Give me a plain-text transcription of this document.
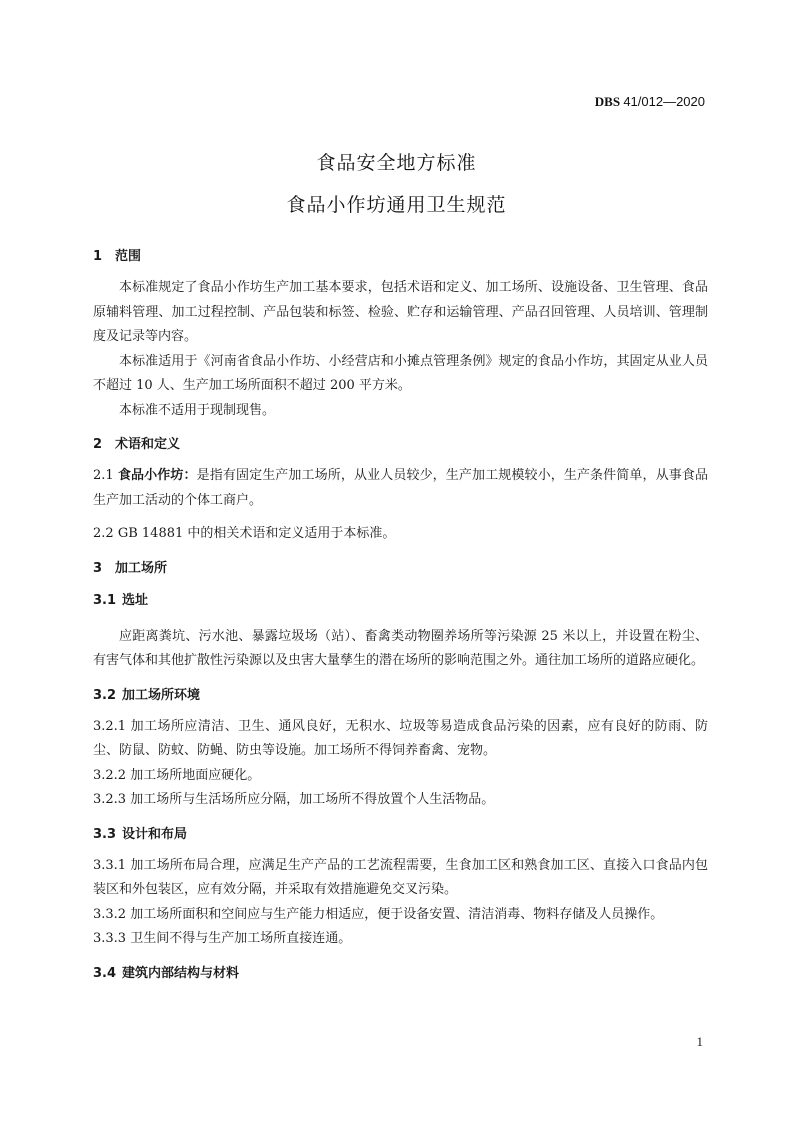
DBS 41/012—2020
食品安全地方标准
食品小作坊通用卫生规范
1 范围

本标准规定了食品小作坊生产加工基本要求，包括术语和定义、加工场所、设施设备、卫生管理、食品原辅料管理、加工过程控制、产品包装和标签、检验、贮存和运输管理、产品召回管理、人员培训、管理制度及记录等内容。

本标准适用于《河南省食品小作坊、小经营店和小摊点管理条例》规定的食品小作坊，其固定从业人员不超过 10 人、生产加工场所面积不超过 200 平方米。

本标准不适用于现制现售。

2 术语和定义

2.1 食品小作坊：是指有固定生产加工场所，从业人员较少，生产加工规模较小，生产条件简单，从事食品生产加工活动的个体工商户。

2.2 GB 14881 中的相关术语和定义适用于本标准。

3 加工场所
3.1 选址

应距离粪坑、污水池、暴露垃圾场（站）、畜禽类动物圈养场所等污染源 25 米以上，并设置在粉尘、有害气体和其他扩散性污染源以及虫害大量孳生的潜在场所的影响范围之外。通往加工场所的道路应硬化。

3.2 加工场所环境

3.2.1 加工场所应清洁、卫生、通风良好，无积水、垃圾等易造成食品污染的因素，应有良好的防雨、防尘、防鼠、防蚊、防蝇、防虫等设施。加工场所不得饲养畜禽、宠物。

3.2.2 加工场所地面应硬化。

3.2.3 加工场所与生活场所应分隔，加工场所不得放置个人生活物品。

3.3 设计和布局

3.3.1 加工场所布局合理，应满足生产产品的工艺流程需要，生食加工区和熟食加工区、直接入口食品内包装区和外包装区，应有效分隔，并采取有效措施避免交叉污染。

3.3.2 加工场所面积和空间应与生产能力相适应，便于设备安置、清洁消毒、物料存储及人员操作。

3.3.3 卫生间不得与生产加工场所直接连通。

3.4 建筑内部结构与材料
1
